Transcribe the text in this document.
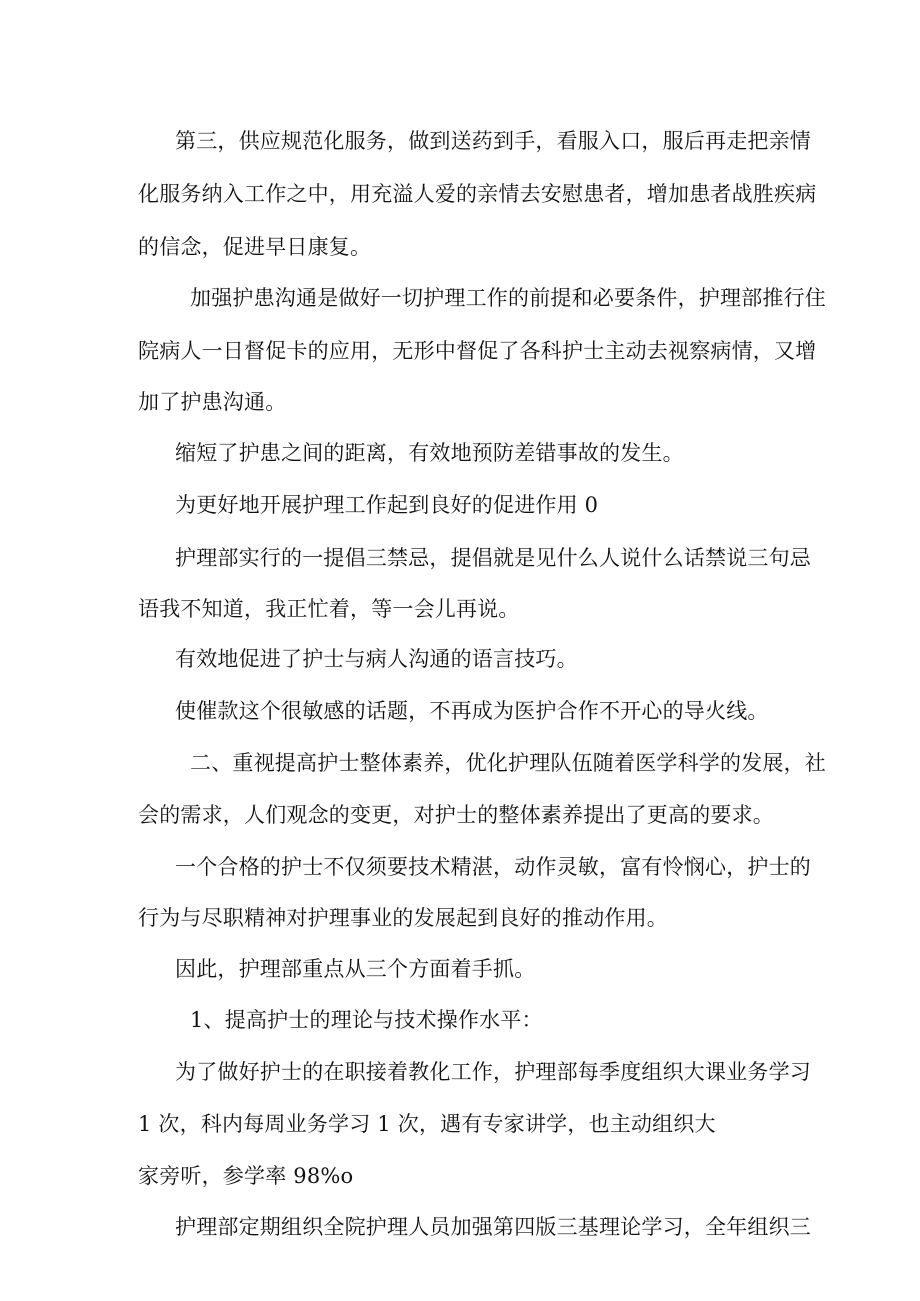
第三，供应规范化服务，做到送药到手，看服入口，服后再走把亲情
化服务纳入工作之中，用充溢人爱的亲情去安慰患者，增加患者战胜疾病
的信念，促进早日康复。
加强护患沟通是做好一切护理工作的前提和必要条件，护理部推行住
院病人一日督促卡的应用，无形中督促了各科护士主动去视察病情，又增
加了护患沟通。
缩短了护患之间的距离，有效地预防差错事故的发生。
为更好地开展护理工作起到良好的促进作用 0
护理部实行的一提倡三禁忌，提倡就是见什么人说什么话禁说三句忌
语我不知道，我正忙着，等一会儿再说。
有效地促进了护士与病人沟通的语言技巧。
使催款这个很敏感的话题，不再成为医护合作不开心的导火线。
二、重视提高护士整体素养，优化护理队伍随着医学科学的发展，社
会的需求，人们观念的变更，对护士的整体素养提出了更高的要求。
一个合格的护士不仅须要技术精湛，动作灵敏，富有怜悯心，护士的
行为与尽职精神对护理事业的发展起到良好的推动作用。
因此，护理部重点从三个方面着手抓。
1、提高护士的理论与技术操作水平：
为了做好护士的在职接着教化工作，护理部每季度组织大课业务学习
1 次，科内每周业务学习 1 次，遇有专家讲学，也主动组织大
家旁听，参学率 98%o
护理部定期组织全院护理人员加强第四版三基理论学习，全年组织三
